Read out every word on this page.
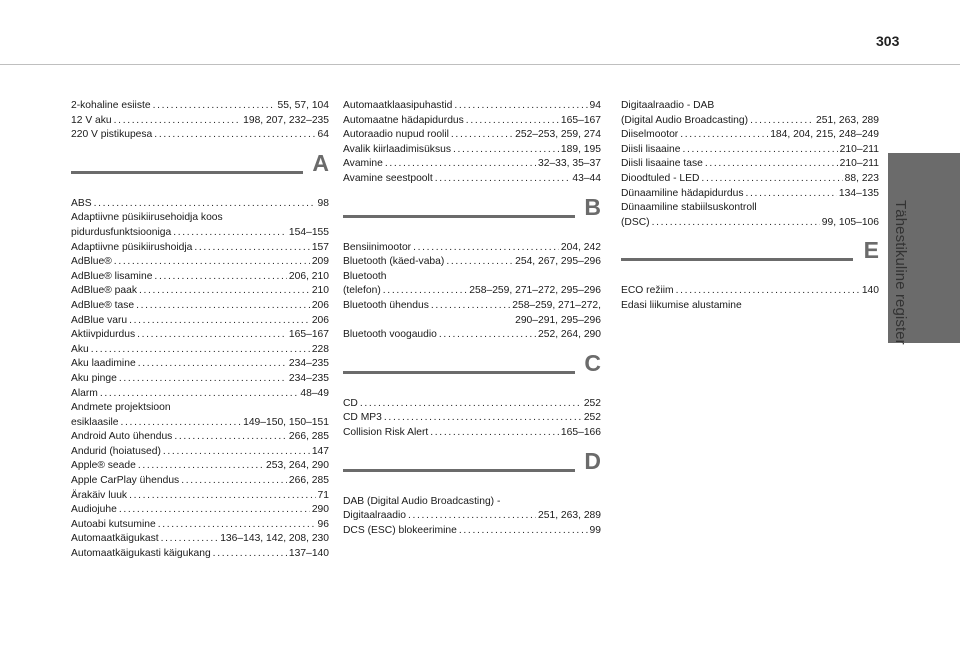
303
Tähestikuline register
2-kohaline esiiste . . .	55, 57, 104
12 V aku . . .	198, 207, 232–235
220 V pistikupesa . . .	64
A
ABS . . .	98
Adaptiivne püsikiirusehoidja koos
pidurdusfunktsiooniga . . .	154–155
Adaptiivne püsikiirushoidja . . .	157
AdBlue® . . .	209
AdBlue® lisamine . . .	206, 210
AdBlue® paak . . .	210
AdBlue® tase . . .	206
AdBlue varu . . .	206
Aktiivpidurdus . . .	165–167
Aku . . .	228
Aku laadimine . . .	234–235
Aku pinge . . .	234–235
Alarm . . .	48–49
Andmete projektsioon
esiklaasile . . .	149–150, 150–151
Android Auto ühendus . . .	266, 285
Andurid (hoiatused) . . .	147
Apple® seade . . .	253, 264, 290
Apple CarPlay ühendus . . .	266, 285
Ärakäiv luuk . . .	71
Audiojuhe . . .	290
Autoabi kutsumine . . .	96
Automaatkäigukast . . .	136–143, 142, 208, 230
Automaatkäigukasti käigukang . . .	137–140
Automaatklaasipuhastid . . .	94
Automaatne hädapidurdus . . .	165–167
Autoraadio nupud roolil . . .	252–253, 259, 274
Avalik kiirlaadimisüksus . . .	189, 195
Avamine . . .	32–33, 35–37
Avamine seestpoolt . . .	43–44
B
Bensiinimootor . . .	204, 242
Bluetooth (käed-vaba) . . .	254, 267, 295–296
Bluetooth
(telefon) . . .	258–259, 271–272, 295–296
Bluetooth ühendus . . .	258–259, 271–272,
290–291, 295–296
Bluetooth voogaudio . . .	252, 264, 290
C
CD . . .	252
CD MP3 . . .	252
Collision Risk Alert . . .	165–166
D
DAB (Digital Audio Broadcasting) -
Digitaalraadio . . .	251, 263, 289
DCS (ESC) blokeerimine . . .	99
Digitaalraadio - DAB
(Digital Audio Broadcasting) . . .	251, 263, 289
Diiselmootor . . .	184, 204, 215, 248–249
Diisli lisaaine . . .	210–211
Diisli lisaaine tase . . .	210–211
Dioodtuled - LED . . .	88, 223
Dünaamiline hädapidurdus . . .	134–135
Dünaamiline stabiilsuskontroll
(DSC) . . .	99, 105–106
E
ECO režiim . . .	140
Edasi liikumise alustamine
